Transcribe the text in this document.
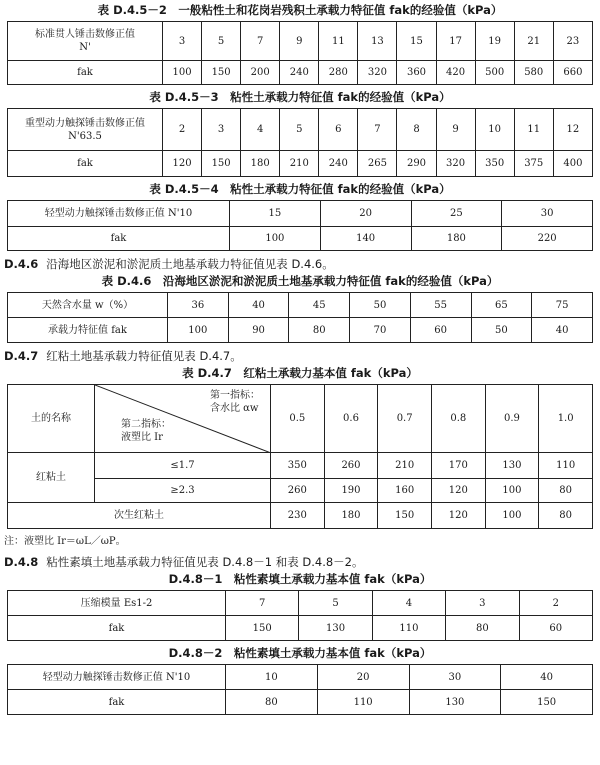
表 D.4.5－2　一般粘性土和花岗岩残积土承载力特征值 fak的经验值（kPa）

标准贯人锤击数修正值
N'	3	5	7	9	11	13	15	17	19	21	23
fak	100	150	200	240	280	320	360	420	500	580	660

表 D.4.5－3　粘性土承载力特征值 fak的经验值（kPa）

重型动力触探锤击数修正值
N'63.5	2	3	4	5	6	7	8	9	10	11	12
fak	120	150	180	210	240	265	290	320	350	375	400

表 D.4.5－4　粘性土承载力特征值 fak的经验值（kPa）

轻型动力触探锤击数修正值 N'10	15	20	25	30
fak	100	140	180	220

D.4.6 沿海地区淤泥和淤泥质土地基承载力特征值见表 D.4.6。

表 D.4.6　沿海地区淤泥和淤泥质土地基承载力特征值 fak的经验值（kPa）

天然含水量 w（%）	36	40	45	50	55	65	75
承载力特征值 fak	100	90	80	70	60	50	40

D.4.7 红粘土地基承载力特征值见表 D.4.7。

表 D.4.7　红粘土承载力基本值 fak（kPa）

土的名称	第一指标：
含水比 αw
第二指标：
液塑比 Ir	0.5	0.6	0.7	0.8	0.9	1.0
红粘土	≤1.7	350	260	210	170	130	110
	≥2.3	260	190	160	120	100	80
次生红粘土		230	180	150	120	100	80

注：液塑比 Ir＝ωL／ωP。

D.4.8 粘性素填土地基承载力特征值见表 D.4.8－1 和表 D.4.8－2。

D.4.8－1　粘性素填土承载力基本值 fak（kPa）

压缩模量 Es1-2	7	5	4	3	2
fak	150	130	110	80	60

D.4.8－2　粘性素填土承载力基本值 fak（kPa）

轻型动力触探锤击数修正值 N'10	10	20	30	40
fak	80	110	130	150
